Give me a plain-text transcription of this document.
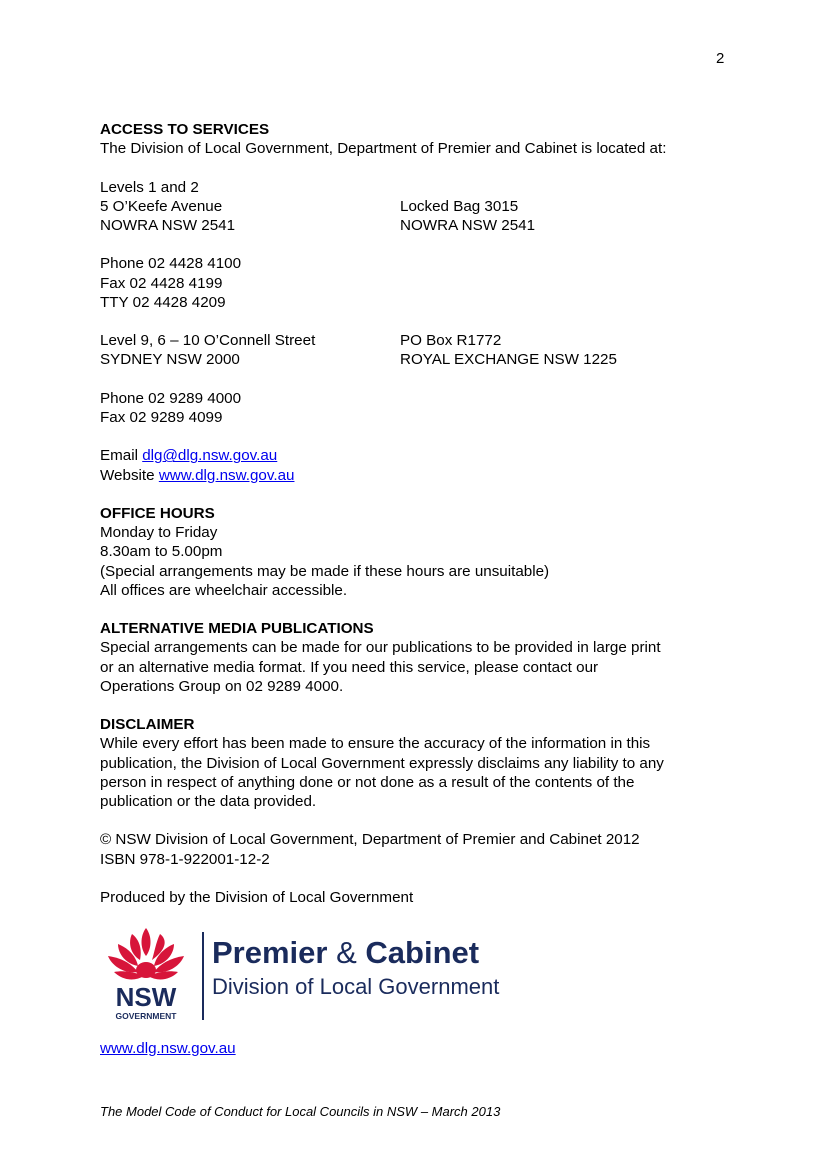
2
ACCESS TO SERVICES
The Division of Local Government, Department of Premier and Cabinet is located at:
Levels 1 and 2
5 O’Keefe Avenue	Locked Bag 3015
NOWRA NSW 2541	NOWRA NSW 2541
Phone 02 4428 4100
Fax 02 4428 4199
TTY 02 4428 4209
Level 9, 6 – 10 O’Connell Street	PO Box R1772
SYDNEY NSW 2000	ROYAL EXCHANGE NSW 1225
Phone 02 9289 4000
Fax 02 9289 4099
Email dlg@dlg.nsw.gov.au
Website www.dlg.nsw.gov.au
OFFICE HOURS
Monday to Friday
8.30am to 5.00pm
(Special arrangements may be made if these hours are unsuitable)
All offices are wheelchair accessible.
ALTERNATIVE MEDIA PUBLICATIONS
Special arrangements can be made for our publications to be provided in large print
or an alternative media format. If you need this service, please contact our
Operations Group on 02 9289 4000.
DISCLAIMER
While every effort has been made to ensure the accuracy of the information in this
publication, the Division of Local Government expressly disclaims any liability to any
person in respect of anything done or not done as a result of the contents of the
publication or the data provided.
© NSW Division of Local Government, Department of Premier and Cabinet 2012
ISBN 978-1-922001-12-2
Produced by the Division of Local Government
NSW
GOVERNMENT
Premier & Cabinet
Division of Local Government
www.dlg.nsw.gov.au
The Model Code of Conduct for Local Councils in NSW – March 2013
